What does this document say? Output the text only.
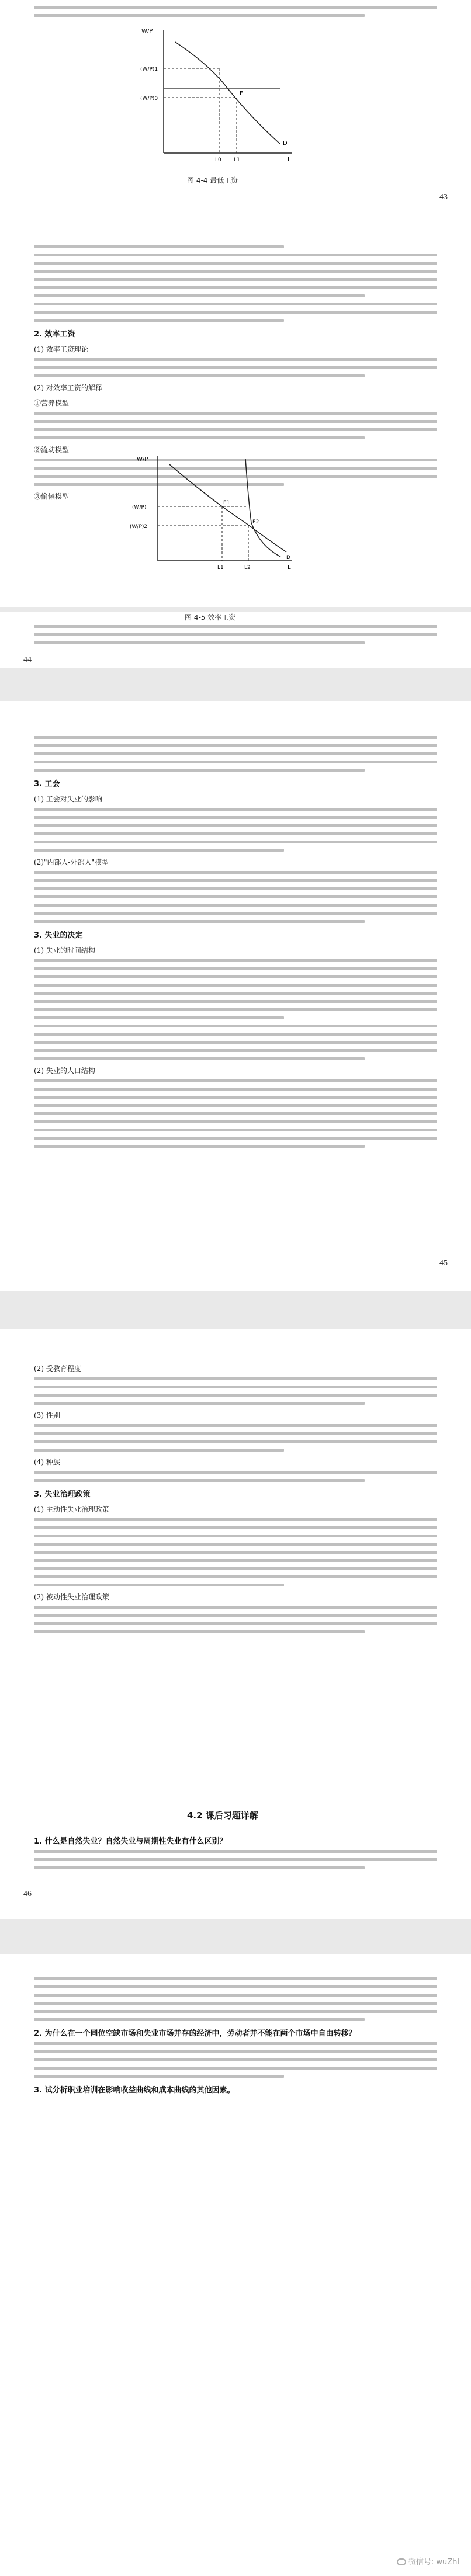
W/P
(W/P)1
(W/P)0
L0 L1	L
E
D
图 4-4 最低工资
43
2. 效率工资
(1) 效率工资理论
(2) 对效率工资的解释
①营养模型
②流动模型
③偷懒模型
W/P
(W/P)
(W/P)2
L1	L2	L
E1
E2
D
图 4-5 效率工资
44
3. 工会
(1) 工会对失业的影响
(2)"内部人-外部人"模型
3. 失业的决定
(1) 失业的时间结构
(2) 失业的人口结构
45
(2) 受教育程度
(3) 性别
(4) 种族
3. 失业治理政策
(1) 主动性失业治理政策
(2) 被动性失业治理政策
4.2 课后习题详解
1. 什么是自然失业？自然失业与周期性失业有什么区别？
46
2. 为什么在一个同位空缺市场和失业市场并存的经济中，劳动者并不能在两个市场中自由转移？
3. 试分析职业培训在影响收益曲线和成本曲线的其他因素。
微信号: wuZhl
